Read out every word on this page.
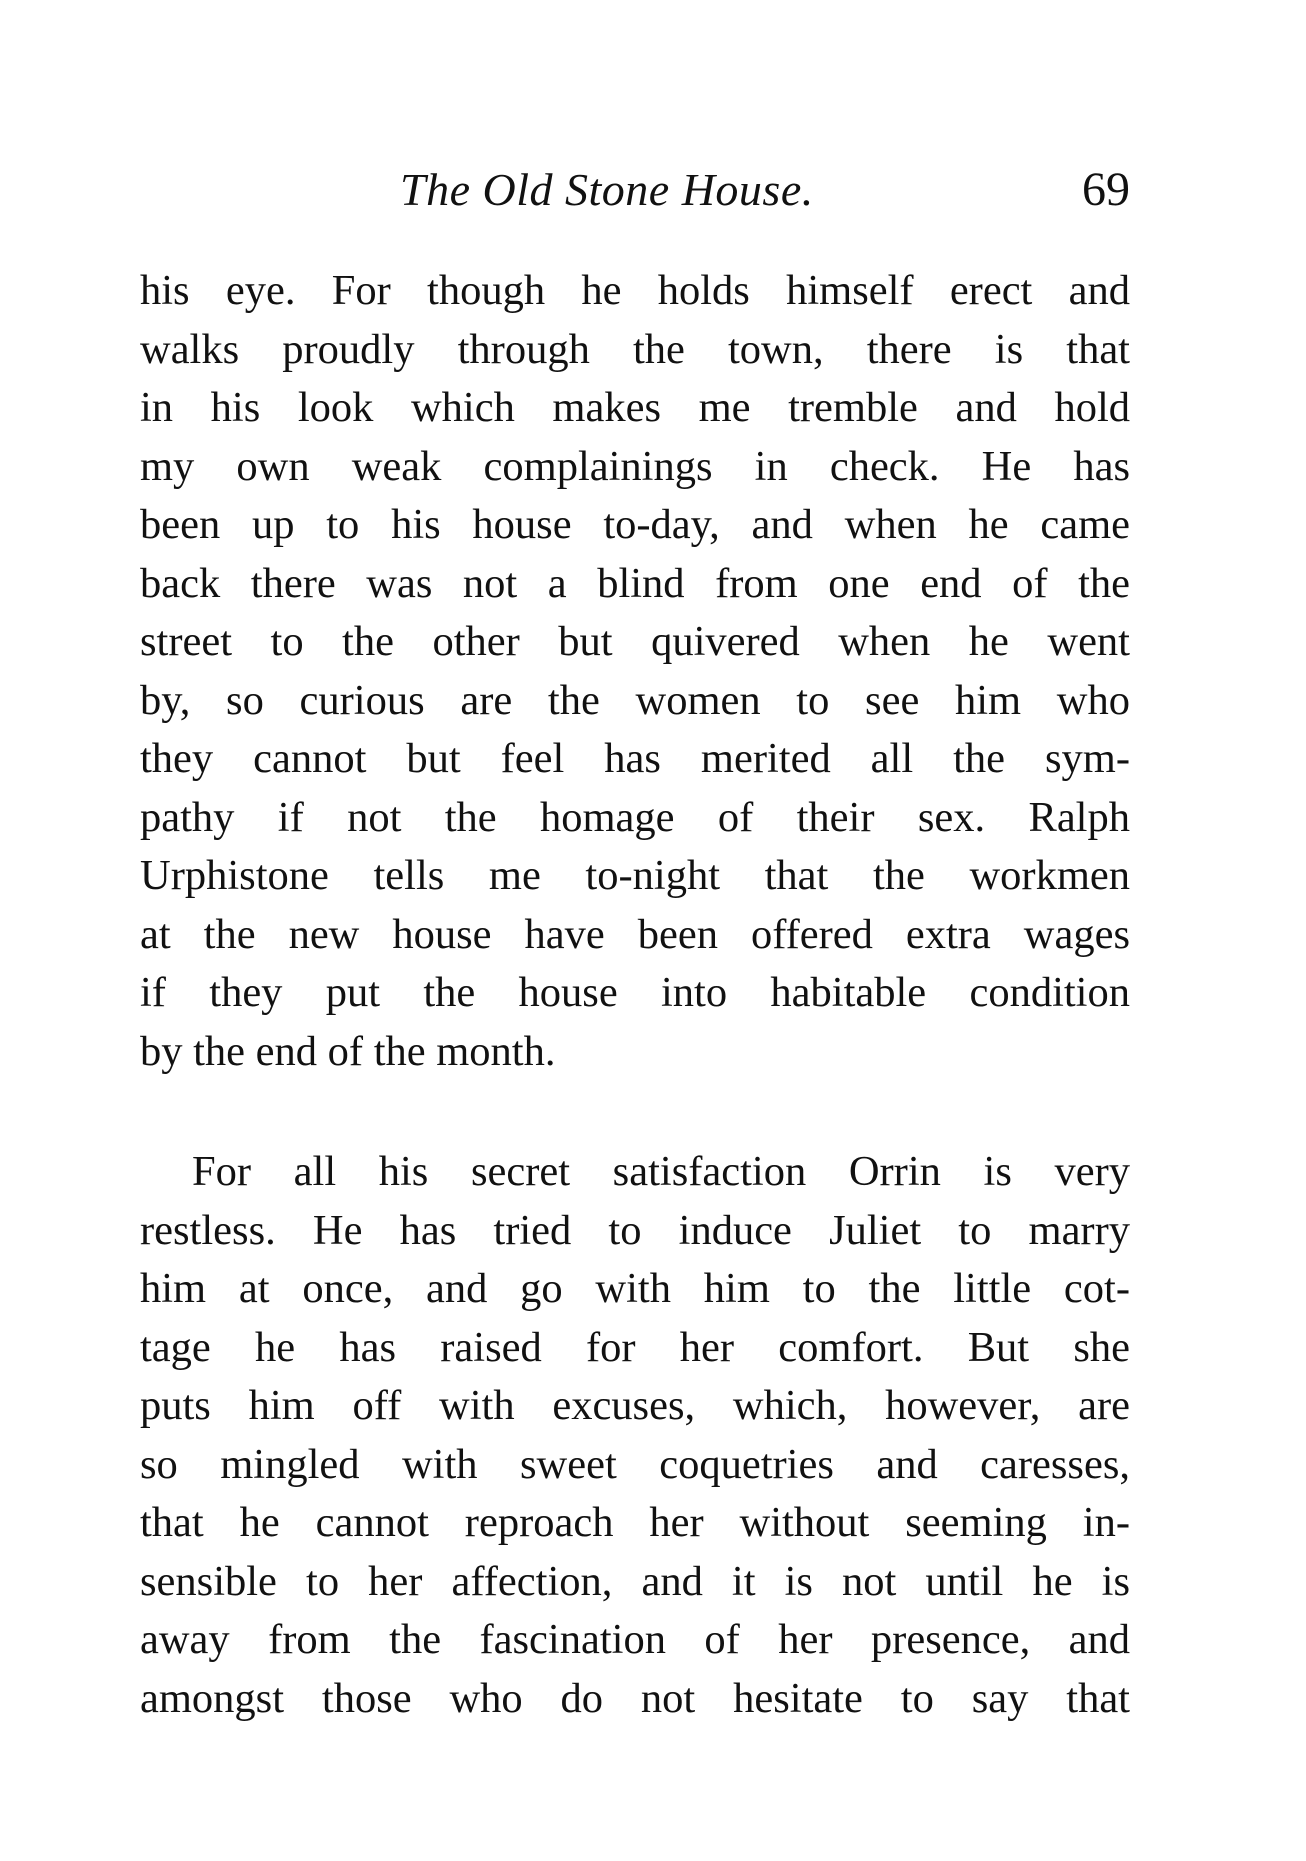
The Old Stone House.	69
his eye. For though he holds himself erect and
walks proudly through the town, there is that
in his look which makes me tremble and hold
my own weak complainings in check. He has
been up to his house to-day, and when he came
back there was not a blind from one end of the
street to the other but quivered when he went
by, so curious are the women to see him who
they cannot but feel has merited all the sym-
pathy if not the homage of their sex. Ralph
Urphistone tells me to-night that the workmen
at the new house have been offered extra wages
if they put the house into habitable condition
by the end of the month.
For all his secret satisfaction Orrin is very
restless. He has tried to induce Juliet to marry
him at once, and go with him to the little cot-
tage he has raised for her comfort. But she
puts him off with excuses, which, however, are
so mingled with sweet coquetries and caresses,
that he cannot reproach her without seeming in-
sensible to her affection, and it is not until he is
away from the fascination of her presence, and
amongst those who do not hesitate to say that
